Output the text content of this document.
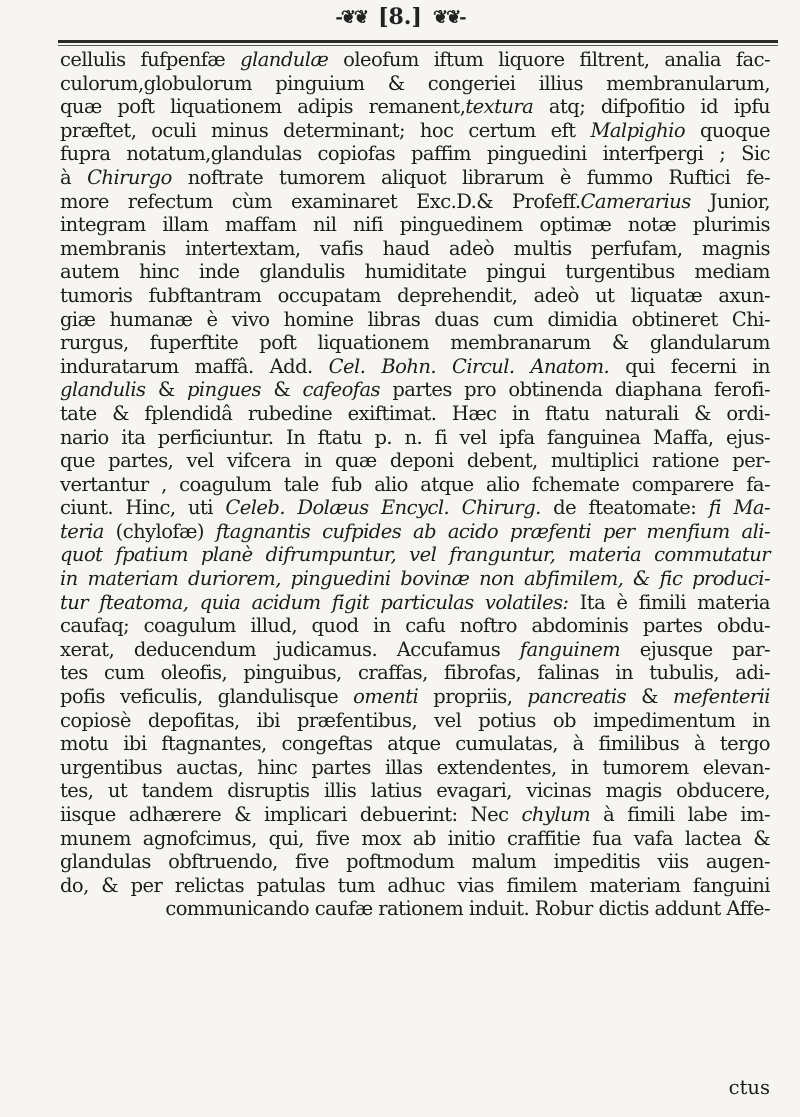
-❦❦ [8.] ❦❦-
cellulis fufpenfæ glandulæ oleofum iftum liquore filtrent, analia fac-
culorum,globulorum pinguium & congeriei illius membranularum,
quæ poft liquationem adipis remanent,textura atq; difpofitio id ipfu
præftet, oculi minus determinant; hoc certum eft Malpighio quoque
fupra notatum,glandulas copiofas paffim pinguedini interfpergi ; Sic
à Chirurgo noftrate tumorem aliquot librarum è fummo Ruftici fe-
more refectum cùm examinaret Exc.D.& Profeff.Camerarius Junior,
integram illam maffam nil nifi pinguedinem optimæ notæ plurimis
membranis intertextam, vafis haud adeò multis perfufam, magnis
autem hinc inde glandulis humiditate pingui turgentibus mediam
tumoris fubftantram occupatam deprehendit, adeò ut liquatæ axun-
giæ humanæ è vivo homine libras duas cum dimidia obtineret Chi-
rurgus, fuperftite poft liquationem membranarum & glandularum
induratarum maffâ. Add. Cel. Bohn. Circul. Anatom. qui fecerni in
glandulis & pingues & cafeofas partes pro obtinenda diaphana ferofi-
tate & fplendidâ rubedine exiftimat. Hæc in ftatu naturali & ordi-
nario ita perficiuntur. In ftatu p. n. fi vel ipfa fanguinea Maffa, ejus-
que partes, vel vifcera in quæ deponi debent, multiplici ratione per-
vertantur , coagulum tale fub alio atque alio fchemate comparere fa-
ciunt. Hinc, uti Celeb. Dolæus Encycl. Chirurg. de fteatomate: fi Ma-
teria (chylofæ) ftagnantis cufpides ab acido præfenti per menfium ali-
quot fpatium planè difrumpuntur, vel franguntur, materia commutatur
in materiam duriorem, pinguedini bovinæ non abfimilem, & fic produci-
tur fteatoma, quia acidum figit particulas volatiles: Ita è fimili materia
caufaq; coagulum illud, quod in cafu noftro abdominis partes obdu-
xerat, deducendum judicamus. Accufamus fanguinem ejusque par-
tes cum oleofis, pinguibus, craffas, fibrofas, falinas in tubulis, adi-
pofis veficulis, glandulisque omenti propriis, pancreatis & mefenterii
copiosè depofitas, ibi præfentibus, vel potius ob impedimentum in
motu ibi ftagnantes, congeftas atque cumulatas, à fimilibus à tergo
urgentibus auctas, hinc partes illas extendentes, in tumorem elevan-
tes, ut tandem disruptis illis latius evagari, vicinas magis obducere,
iisque adhærere & implicari debuerint: Nec chylum à fimili labe im-
munem agnofcimus, qui, five mox ab initio craffitie fua vafa lactea &
glandulas obftruendo, five poftmodum malum impeditis viis augen-
do, & per relictas patulas tum adhuc vias fimilem materiam fanguini
communicando caufæ rationem induit. Robur dictis addunt Affe-
ctus
